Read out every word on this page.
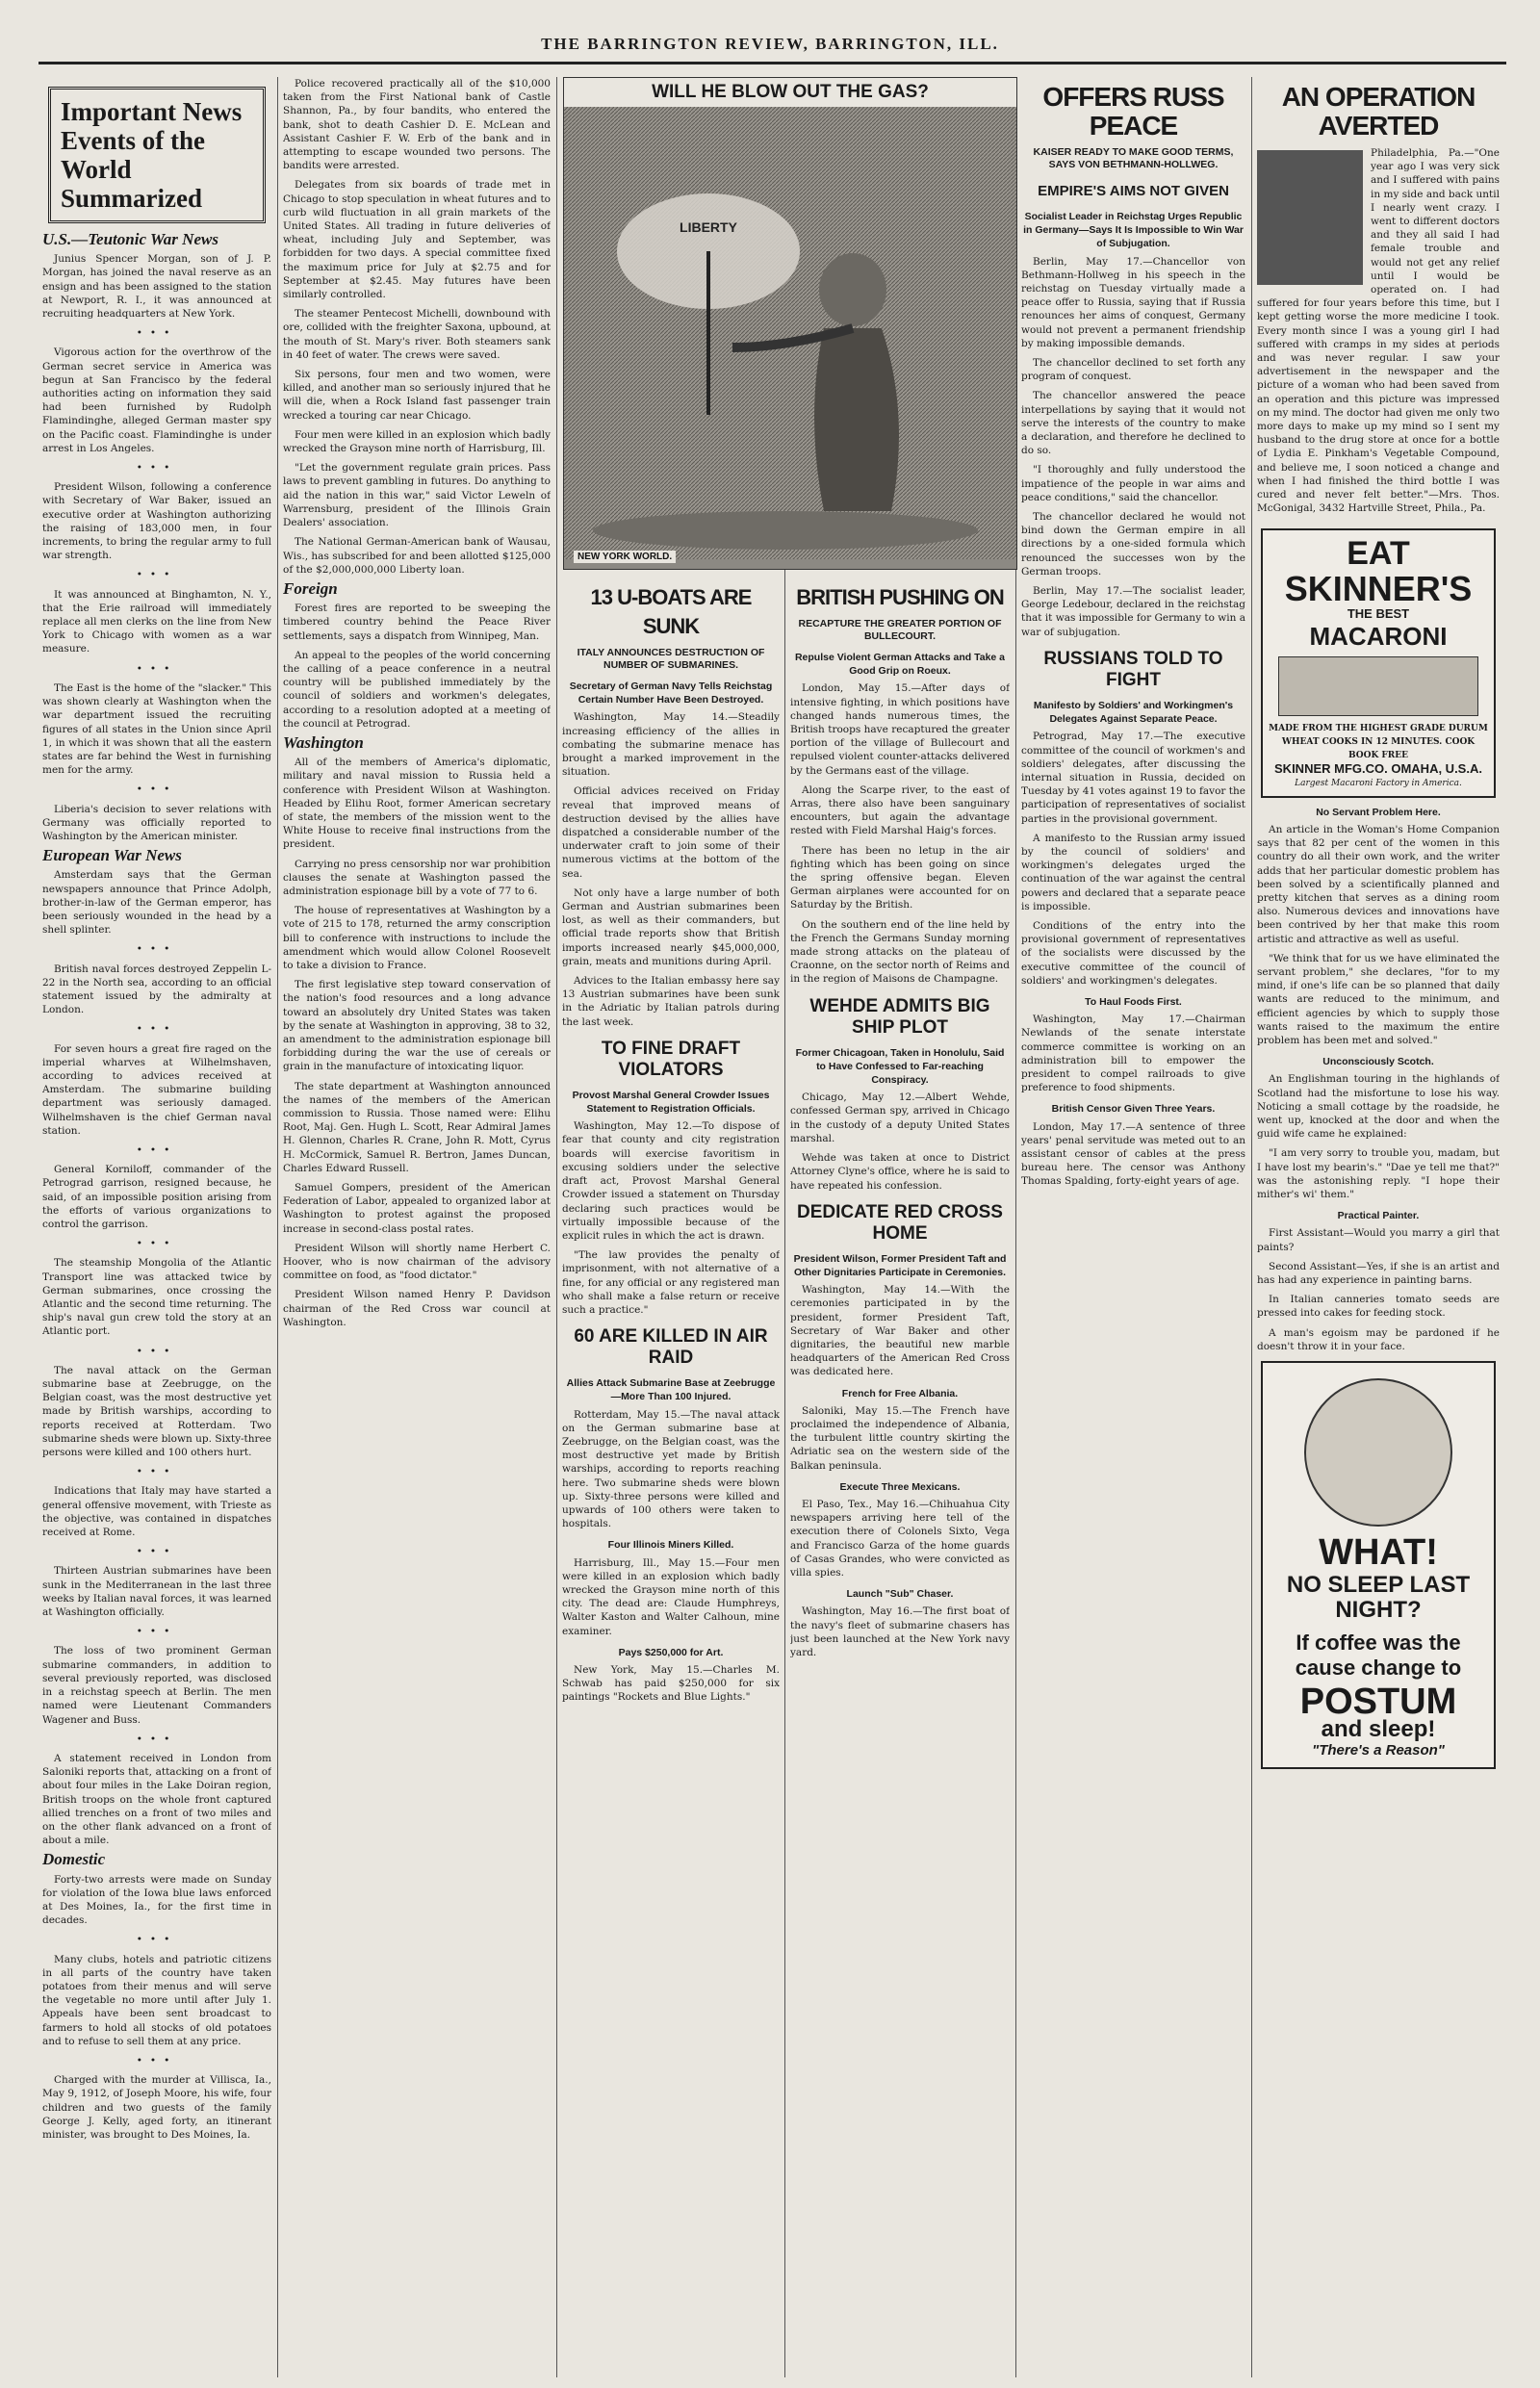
THE BARRINGTON REVIEW, BARRINGTON, ILL.
Important News Events of the World Summarized

U.S.—Teutonic War News

Junius Spencer Morgan, son of J. P. Morgan, has joined the naval reserve as an ensign and has been assigned to the station at Newport, R. I., it was announced at recruiting headquarters at New York.

•••

Vigorous action for the overthrow of the German secret service in America was begun at San Francisco by the federal authorities acting on information they said had been furnished by Rudolph Flamindinghe, alleged German master spy on the Pacific coast. Flamindinghe is under arrest in Los Angeles.

•••

President Wilson, following a conference with Secretary of War Baker, issued an executive order at Washington authorizing the raising of 183,000 men, in four increments, to bring the regular army to full war strength.

•••

It was announced at Binghamton, N. Y., that the Erie railroad will immediately replace all men clerks on the line from New York to Chicago with women as a war measure.

•••

The East is the home of the "slacker." This was shown clearly at Washington when the war department issued the recruiting figures of all states in the Union since April 1, in which it was shown that all the eastern states are far behind the West in furnishing men for the army.

•••

Liberia's decision to sever relations with Germany was officially reported to Washington by the American minister.

European War News

Amsterdam says that the German newspapers announce that Prince Adolph, brother-in-law of the German emperor, has been seriously wounded in the head by a shell splinter.

•••

British naval forces destroyed Zeppelin L-22 in the North sea, according to an official statement issued by the admiralty at London.

•••

For seven hours a great fire raged on the imperial wharves at Wilhelmshaven, according to advices received at Amsterdam. The submarine building department was seriously damaged. Wilhelmshaven is the chief German naval station.

•••

General Korniloff, commander of the Petrograd garrison, resigned because, he said, of an impossible position arising from the efforts of various organizations to control the garrison.

•••

The steamship Mongolia of the Atlantic Transport line was attacked twice by German submarines, once crossing the Atlantic and the second time returning. The ship's naval gun crew told the story at an Atlantic port.

•••

The naval attack on the German submarine base at Zeebrugge, on the Belgian coast, was the most destructive yet made by British warships, according to reports received at Rotterdam. Two submarine sheds were blown up. Sixty-three persons were killed and 100 others hurt.

•••

Indications that Italy may have started a general offensive movement, with Trieste as the objective, was contained in dispatches received at Rome.

•••

Thirteen Austrian submarines have been sunk in the Mediterranean in the last three weeks by Italian naval forces, it was learned at Washington officially.

•••

The loss of two prominent German submarine commanders, in addition to several previously reported, was disclosed in a reichstag speech at Berlin. The men named were Lieutenant Commanders Wagener and Buss.

•••

A statement received in London from Saloniki reports that, attacking on a front of about four miles in the Lake Doiran region, British troops on the whole front captured allied trenches on a front of two miles and on the other flank advanced on a front of about a mile.

Domestic

Forty-two arrests were made on Sunday for violation of the Iowa blue laws enforced at Des Moines, Ia., for the first time in decades.

•••

Many clubs, hotels and patriotic citizens in all parts of the country have taken potatoes from their menus and will serve the vegetable no more until after July 1. Appeals have been sent broadcast to farmers to hold all stocks of old potatoes and to refuse to sell them at any price.

•••

Charged with the murder at Villisca, Ia., May 9, 1912, of Joseph Moore, his wife, four children and two guests of the family George J. Kelly, aged forty, an itinerant minister, was brought to Des Moines, Ia.

Police recovered practically all of the $10,000 taken from the First National bank of Castle Shannon, Pa., by four bandits, who entered the bank, shot to death Cashier D. E. McLean and Assistant Cashier F. W. Erb of the bank and in attempting to escape wounded two persons. The bandits were arrested.

Delegates from six boards of trade met in Chicago to stop speculation in wheat futures and to curb wild fluctuation in all grain markets of the United States. All trading in future deliveries of wheat, including July and September, was forbidden for two days. A special committee fixed the maximum price for July at $2.75 and for September at $2.45. May futures have been similarly controlled.

The steamer Pentecost Michelli, downbound with ore, collided with the freighter Saxona, upbound, at the mouth of St. Mary's river. Both steamers sank in 40 feet of water. The crews were saved.

Six persons, four men and two women, were killed, and another man so seriously injured that he will die, when a Rock Island fast passenger train wrecked a touring car near Chicago.

Four men were killed in an explosion which badly wrecked the Grayson mine north of Harrisburg, Ill.

"Let the government regulate grain prices. Pass laws to prevent gambling in futures. Do anything to aid the nation in this war," said Victor Leweln of Warrensburg, president of the Illinois Grain Dealers' association.

The National German-American bank of Wausau, Wis., has subscribed for and been allotted $125,000 of the $2,000,000,000 Liberty loan.

Foreign

Forest fires are reported to be sweeping the timbered country behind the Peace River settlements, says a dispatch from Winnipeg, Man.

An appeal to the peoples of the world concerning the calling of a peace conference in a neutral country will be published immediately by the council of soldiers and workmen's delegates, according to a resolution adopted at a meeting of the council at Petrograd.

Washington

All of the members of America's diplomatic, military and naval mission to Russia held a conference with President Wilson at Washington. Headed by Elihu Root, former American secretary of state, the members of the mission went to the White House to receive final instructions from the president.

Carrying no press censorship nor war prohibition clauses the senate at Washington passed the administration espionage bill by a vote of 77 to 6.

The house of representatives at Washington by a vote of 215 to 178, returned the army conscription bill to conference with instructions to include the amendment which would allow Colonel Roosevelt to take a division to France.

The first legislative step toward conservation of the nation's food resources and a long advance toward an absolutely dry United States was taken by the senate at Washington in approving, 38 to 32, an amendment to the administration espionage bill forbidding during the war the use of cereals or grain in the manufacture of intoxicating liquor.

The state department at Washington announced the names of the members of the American commission to Russia. Those named were: Elihu Root, Maj. Gen. Hugh L. Scott, Rear Admiral James H. Glennon, Charles R. Crane, John R. Mott, Cyrus H. McCormick, Samuel R. Bertron, James Duncan, Charles Edward Russell.

Samuel Gompers, president of the American Federation of Labor, appealed to organized labor at Washington to protest against the proposed increase in second-class postal rates.

President Wilson will shortly name Herbert C. Hoover, who is now chairman of the advisory committee on food, as "food dictator."

President Wilson named Henry P. Davidson chairman of the Red Cross war council at Washington.

WILL HE BLOW OUT THE GAS?
LIBERTY
NEW YORK WORLD.
13 U-BOATS ARE SUNK
ITALY ANNOUNCES DESTRUCTION OF NUMBER OF SUBMARINES.
Secretary of German Navy Tells Reichstag Certain Number Have Been Destroyed.

Washington, May 14.—Steadily increasing efficiency of the allies in combating the submarine menace has brought a marked improvement in the situation.

Official advices received on Friday reveal that improved means of destruction devised by the allies have dispatched a considerable number of the underwater craft to join some of their numerous victims at the bottom of the sea.

Not only have a large number of both German and Austrian submarines been lost, as well as their commanders, but official trade reports show that British imports increased nearly $45,000,000, grain, meats and munitions during April.

Advices to the Italian embassy here say 13 Austrian submarines have been sunk in the Adriatic by Italian patrols during the last week.

TO FINE DRAFT VIOLATORS
Provost Marshal General Crowder Issues Statement to Registration Officials.

Washington, May 12.—To dispose of fear that county and city registration boards will exercise favoritism in excusing soldiers under the selective draft act, Provost Marshal General Crowder issued a statement on Thursday declaring such practices would be virtually impossible because of the explicit rules in which the act is drawn.

"The law provides the penalty of imprisonment, with not alternative of a fine, for any official or any registered man who shall make a false return or receive such a practice."

60 ARE KILLED IN AIR RAID
Allies Attack Submarine Base at Zeebrugge—More Than 100 Injured.

Rotterdam, May 15.—The naval attack on the German submarine base at Zeebrugge, on the Belgian coast, was the most destructive yet made by British warships, according to reports reaching here. Two submarine sheds were blown up. Sixty-three persons were killed and upwards of 100 others were taken to hospitals.

Four Illinois Miners Killed.

Harrisburg, Ill., May 15.—Four men were killed in an explosion which badly wrecked the Grayson mine north of this city. The dead are: Claude Humphreys, Walter Kaston and Walter Calhoun, mine examiner.

Pays $250,000 for Art.

New York, May 15.—Charles M. Schwab has paid $250,000 for six paintings "Rockets and Blue Lights."

BRITISH PUSHING ON
RECAPTURE THE GREATER PORTION OF BULLECOURT.
Repulse Violent German Attacks and Take a Good Grip on Roeux.

London, May 15.—After days of intensive fighting, in which positions have changed hands numerous times, the British troops have recaptured the greater portion of the village of Bullecourt and repulsed violent counter-attacks delivered by the Germans east of the village.

Along the Scarpe river, to the east of Arras, there also have been sanguinary encounters, but again the advantage rested with Field Marshal Haig's forces.

There has been no letup in the air fighting which has been going on since the spring offensive began. Eleven German airplanes were accounted for on Saturday by the British.

On the southern end of the line held by the French the Germans Sunday morning made strong attacks on the plateau of Craonne, on the sector north of Reims and in the region of Maisons de Champagne.

WEHDE ADMITS BIG SHIP PLOT
Former Chicagoan, Taken in Honolulu, Said to Have Confessed to Far-reaching Conspiracy.

Chicago, May 12.—Albert Wehde, confessed German spy, arrived in Chicago in the custody of a deputy United States marshal.

Wehde was taken at once to District Attorney Clyne's office, where he is said to have repeated his confession.

DEDICATE RED CROSS HOME
President Wilson, Former President Taft and Other Dignitaries Participate in Ceremonies.

Washington, May 14.—With the ceremonies participated in by the president, former President Taft, Secretary of War Baker and other dignitaries, the beautiful new marble headquarters of the American Red Cross was dedicated here.

French for Free Albania.

Saloniki, May 15.—The French have proclaimed the independence of Albania, the turbulent little country skirting the Adriatic sea on the western side of the Balkan peninsula.

Execute Three Mexicans.

El Paso, Tex., May 16.—Chihuahua City newspapers arriving here tell of the execution there of Colonels Sixto, Vega and Francisco Garza of the home guards of Casas Grandes, who were convicted as villa spies.

Launch "Sub" Chaser.

Washington, May 16.—The first boat of the navy's fleet of submarine chasers has just been launched at the New York navy yard.

OFFERS RUSS PEACE
KAISER READY TO MAKE GOOD TERMS, SAYS VON BETHMANN-HOLLWEG.
EMPIRE'S AIMS NOT GIVEN
Socialist Leader in Reichstag Urges Republic in Germany—Says It Is Impossible to Win War of Subjugation.

Berlin, May 17.—Chancellor von Bethmann-Hollweg in his speech in the reichstag on Tuesday virtually made a peace offer to Russia, saying that if Russia renounces her aims of conquest, Germany would not prevent a permanent friendship by making impossible demands.

The chancellor declined to set forth any program of conquest.

The chancellor answered the peace interpellations by saying that it would not serve the interests of the country to make a declaration, and therefore he declined to do so.

"I thoroughly and fully understood the impatience of the people in war aims and peace conditions," said the chancellor.

The chancellor declared he would not bind down the German empire in all directions by a one-sided formula which renounced the successes won by the German troops.

Berlin, May 17.—The socialist leader, George Ledebour, declared in the reichstag that it was impossible for Germany to win a war of subjugation.

RUSSIANS TOLD TO FIGHT
Manifesto by Soldiers' and Workingmen's Delegates Against Separate Peace.

Petrograd, May 17.—The executive committee of the council of workmen's and soldiers' delegates, after discussing the internal situation in Russia, decided on Tuesday by 41 votes against 19 to favor the participation of representatives of socialist parties in the provisional government.

A manifesto to the Russian army issued by the council of soldiers' and workingmen's delegates urged the continuation of the war against the central powers and declared that a separate peace is impossible.

Conditions of the entry into the provisional government of representatives of the socialists were discussed by the executive committee of the council of soldiers' and workingmen's delegates.

To Haul Foods First.

Washington, May 17.—Chairman Newlands of the senate interstate commerce committee is working on an administration bill to empower the president to compel railroads to give preference to food shipments.

British Censor Given Three Years.

London, May 17.—A sentence of three years' penal servitude was meted out to an assistant censor of cables at the press bureau here. The censor was Anthony Thomas Spalding, forty-eight years of age.

AN OPERATION AVERTED

Philadelphia, Pa.—"One year ago I was very sick and I suffered with pains in my side and back until I nearly went crazy. I went to different doctors and they all said I had female trouble and would not get any relief until I would be operated on. I had suffered for four years before this time, but I kept getting worse the more medicine I took. Every month since I was a young girl I had suffered with cramps in my sides at periods and was never regular. I saw your advertisement in the newspaper and the picture of a woman who had been saved from an operation and this picture was impressed on my mind. The doctor had given me only two more days to make up my mind so I sent my husband to the drug store at once for a bottle of Lydia E. Pinkham's Vegetable Compound, and believe me, I soon noticed a change and when I had finished the third bottle I was cured and never felt better."—Mrs. Thos. McGonigal, 3432 Hartville Street, Phila., Pa.

EAT
SKINNER'S
THE BEST
MACARONI
MADE FROM THE HIGHEST GRADE DURUM WHEAT COOKS IN 12 MINUTES. COOK BOOK FREE
SKINNER MFG.CO. OMAHA, U.S.A.
Largest Macaroni Factory in America.
No Servant Problem Here.

An article in the Woman's Home Companion says that 82 per cent of the women in this country do all their own work, and the writer adds that her particular domestic problem has been solved by a scientifically planned and pretty kitchen that serves as a dining room also. Numerous devices and innovations have been contrived by her that make this room artistic and attractive as well as useful.

"We think that for us we have eliminated the servant problem," she declares, "for to my mind, if one's life can be so planned that daily wants are reduced to the minimum, and efficient agencies by which to supply those wants raised to the maximum the entire problem has been met and solved."

Unconsciously Scotch.

An Englishman touring in the highlands of Scotland had the misfortune to lose his way. Noticing a small cottage by the roadside, he went up, knocked at the door and when the guid wife came he explained:

"I am very sorry to trouble you, madam, but I have lost my bearin's." "Dae ye tell me that?" was the astonishing reply. "I hope their mither's wi' them."

Practical Painter.

First Assistant—Would you marry a girl that paints?

Second Assistant—Yes, if she is an artist and has had any experience in painting barns.

In Italian canneries tomato seeds are pressed into cakes for feeding stock.

A man's egoism may be pardoned if he doesn't throw it in your face.

WHAT!
NO SLEEP LAST NIGHT?
If coffee was the cause change to
POSTUM
and sleep!
"There's a Reason"
